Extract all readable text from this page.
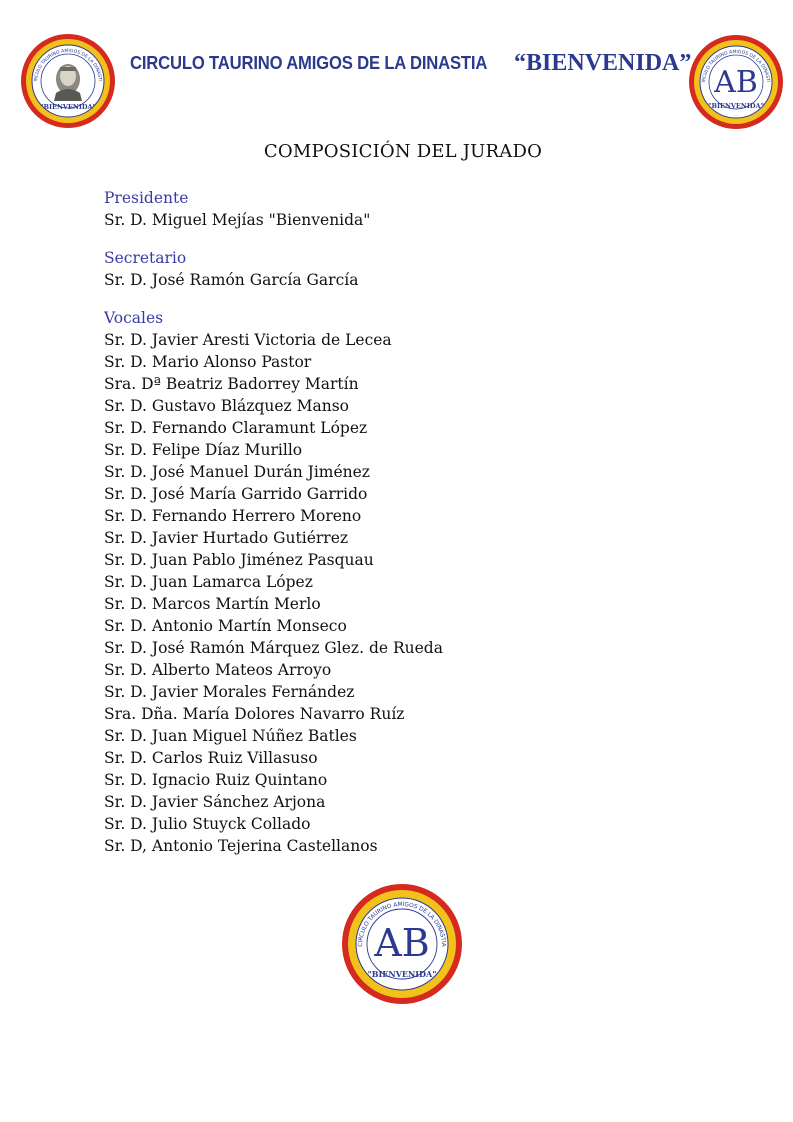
IRCULO TAURINO AMIGOS DE LA DINASTI
"BIENVENIDA"
CIRCULO TAURINO AMIGOS DE LA DINASTIA “BIENVENIDA”
IRCULO TAURINO AMIGOS DE LA DINASTI
AB
"BIENVENIDA"
COMPOSICIÓN DEL JURADO
Presidente
Sr. D. Miguel Mejías "Bienvenida"
Secretario
Sr. D. José Ramón García García
Vocales
Sr. D. Javier Aresti Victoria de Lecea
Sr. D. Mario Alonso Pastor
Sra. Dª Beatriz Badorrey Martín
Sr. D. Gustavo Blázquez Manso
Sr. D. Fernando Claramunt López
Sr. D. Felipe Díaz Murillo
Sr. D. José Manuel Durán Jiménez
Sr. D. José María Garrido Garrido
Sr. D. Fernando Herrero Moreno
Sr. D. Javier Hurtado Gutiérrez
Sr. D. Juan Pablo Jiménez Pasquau
Sr. D. Juan Lamarca López
Sr. D. Marcos Martín Merlo
Sr. D. Antonio Martín Monseco
Sr. D. José Ramón Márquez Glez. de Rueda
Sr. D. Alberto Mateos Arroyo
Sr. D. Javier Morales Fernández
Sra. Dña. María Dolores Navarro Ruíz
Sr. D. Juan Miguel Núñez Batles
Sr. D. Carlos Ruiz Villasuso
Sr. D. Ignacio Ruiz Quintano
Sr. D. Javier Sánchez Arjona
Sr. D. Julio Stuyck Collado
Sr. D, Antonio Tejerina Castellanos
CIRCULO TAURINO AMIGOS DE LA DINASTIA
AB
"BIENVENIDA"
